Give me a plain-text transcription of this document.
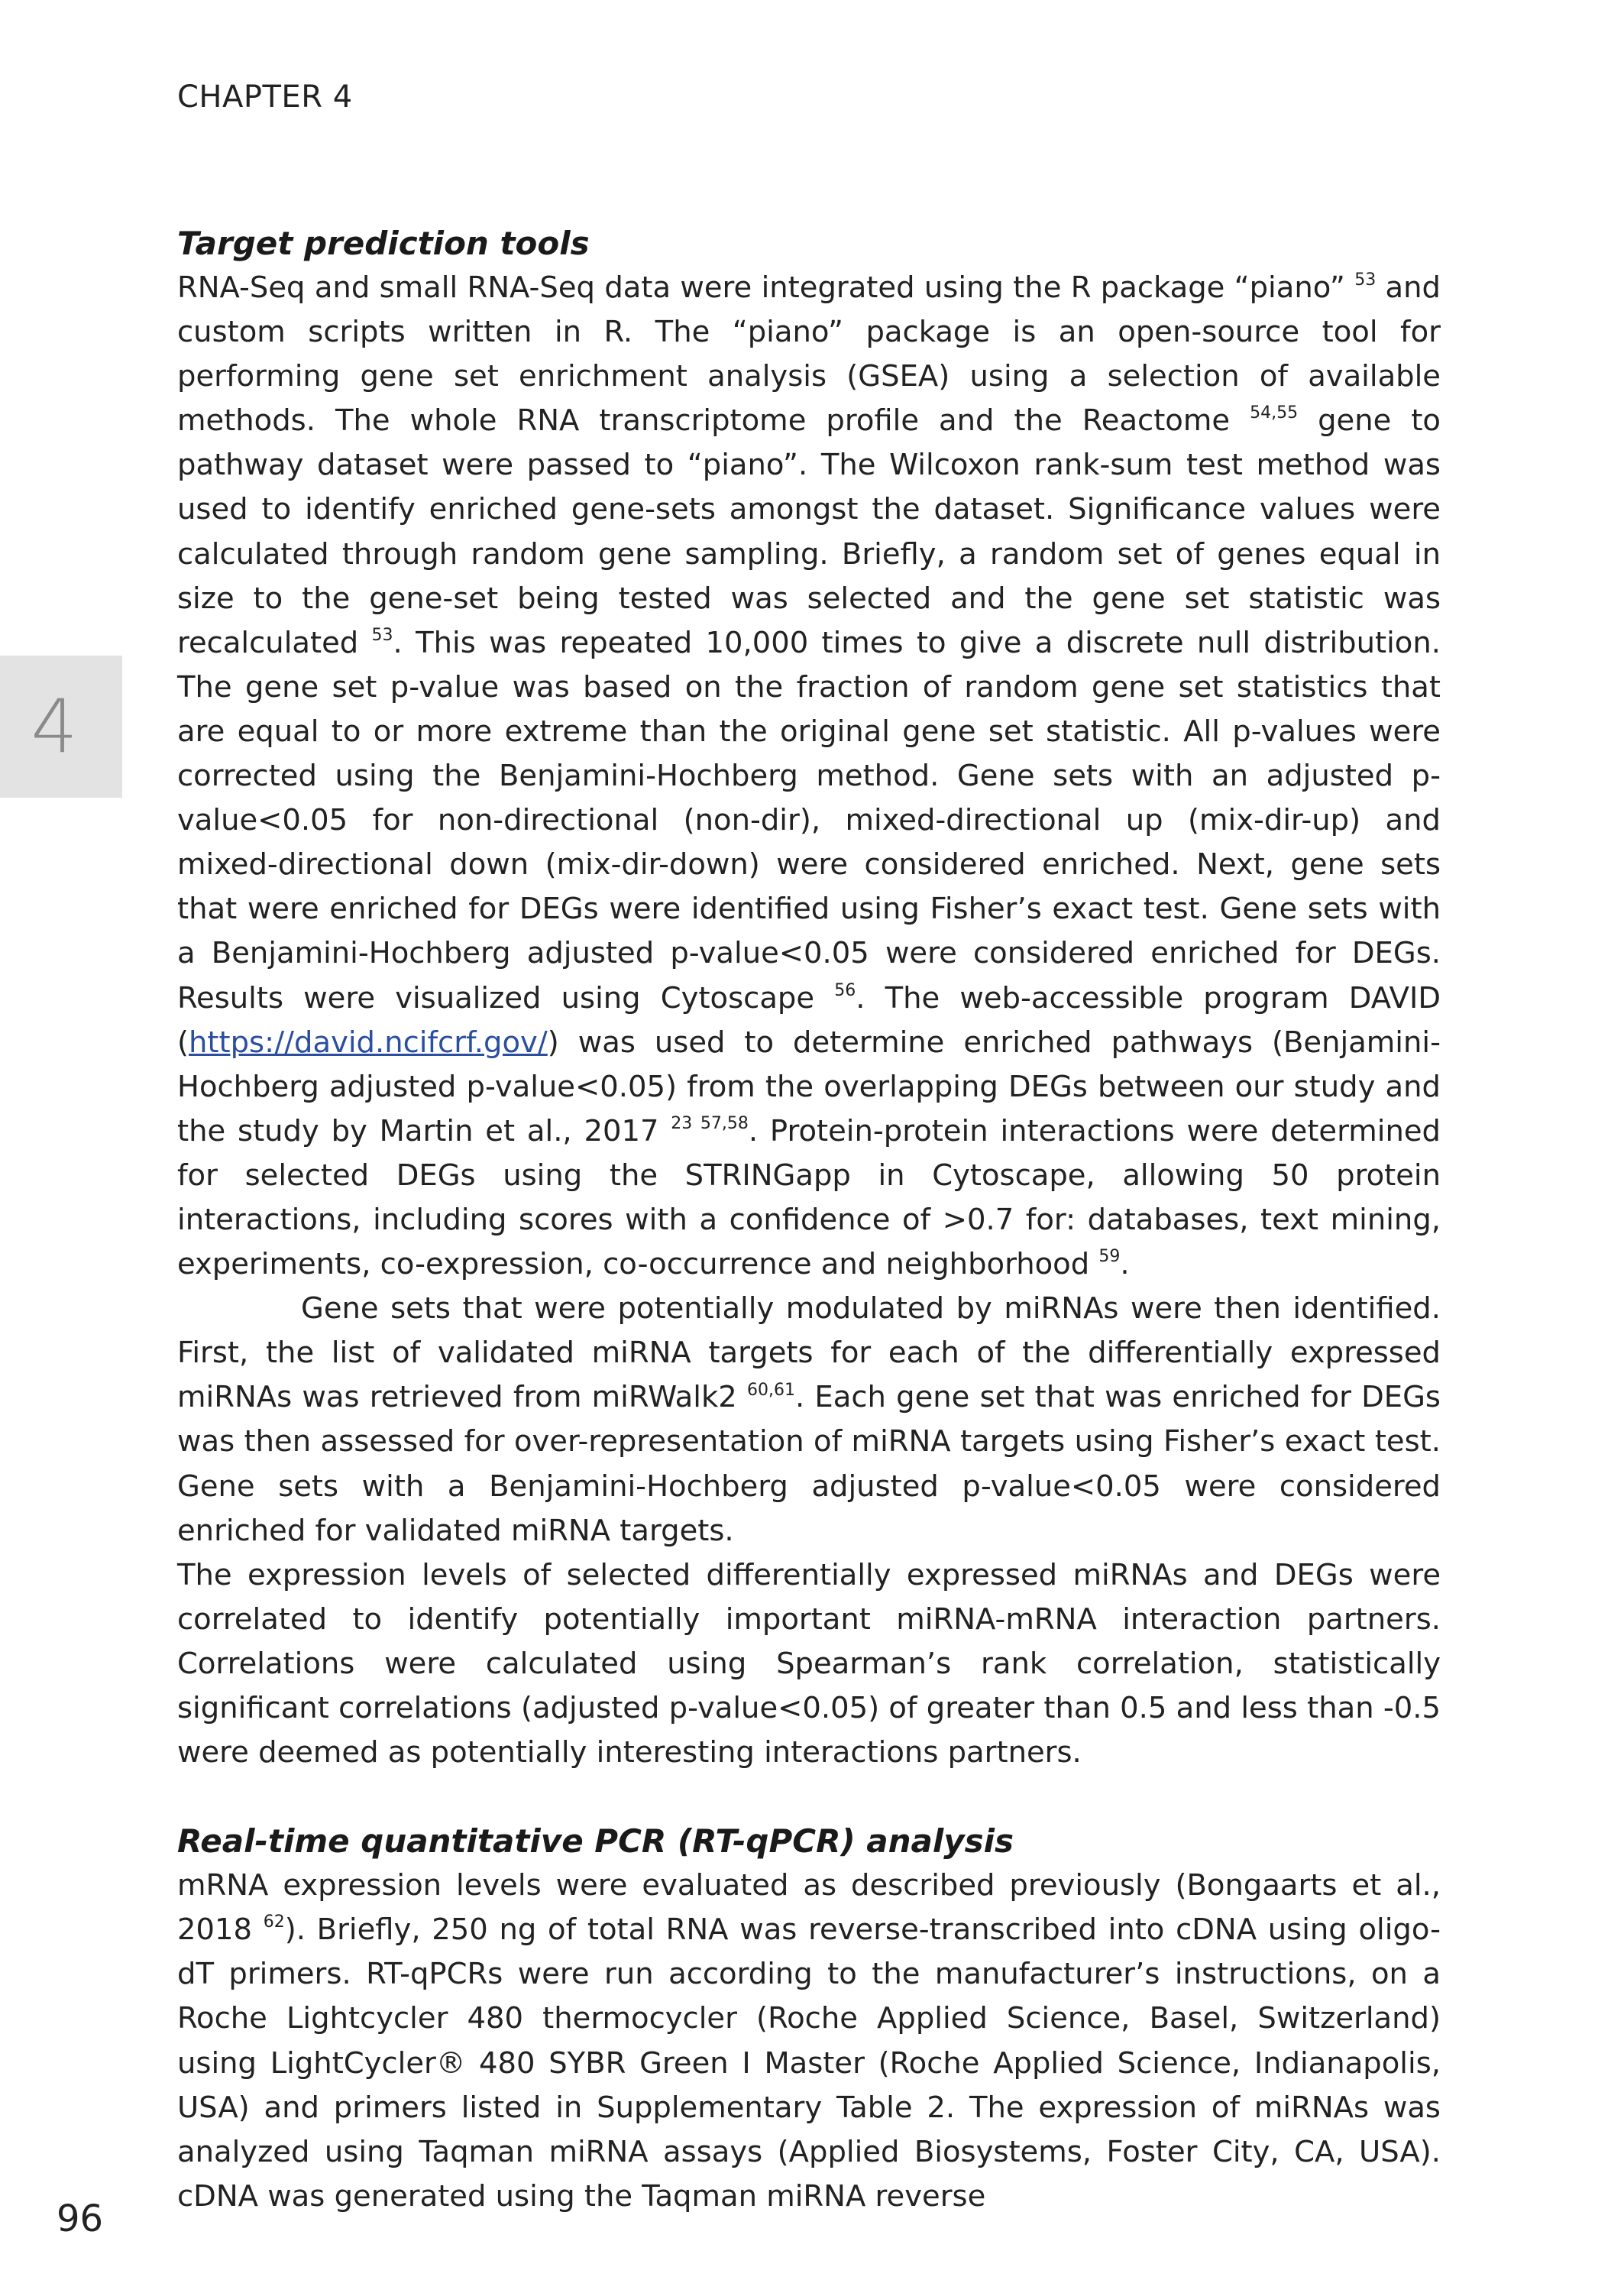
CHAPTER 4
4
Target prediction tools

RNA-Seq and small RNA-Seq data were integrated using the R package “piano” $^{53}$ and custom scripts written in R. The “piano” package is an open-source tool for performing gene set enrichment analysis (GSEA) using a selection of available methods. The whole RNA transcriptome profile and the Reactome $^{54,55}$ gene to pathway dataset were passed to “piano”. The Wilcoxon rank-sum test method was used to identify enriched gene-sets amongst the dataset. Significance values were calculated through random gene sampling. Briefly, a random set of genes equal in size to the gene-set being tested was selected and the gene set statistic was recalculated $^{53}$. This was repeated 10,000 times to give a discrete null distribution. The gene set p-value was based on the fraction of random gene set statistics that are equal to or more extreme than the original gene set statistic. All p-values were corrected using the Benjamini-Hochberg method. Gene sets with an adjusted p-value<0.05 for non-directional (non-dir), mixed-directional up (mix-dir-up) and mixed-directional down (mix-dir-down) were considered enriched. Next, gene sets that were enriched for DEGs were identified using Fisher’s exact test. Gene sets with a Benjamini-Hochberg adjusted p-value<0.05 were considered enriched for DEGs. Results were visualized using Cytoscape $^{56}$. The web-accessible program DAVID (https://david.ncifcrf.gov/) was used to determine enriched pathways (Benjamini-Hochberg adjusted p-value<0.05) from the overlapping DEGs between our study and the study by Martin et al., 2017 $^{23 57,58}$. Protein-protein interactions were determined for selected DEGs using the STRINGapp in Cytoscape, allowing 50 protein interactions, including scores with a confidence of >0.7 for: databases, text mining, experiments, co-expression, co-occurrence and neighborhood $^{59}$.

Gene sets that were potentially modulated by miRNAs were then identified. First, the list of validated miRNA targets for each of the differentially expressed miRNAs was retrieved from miRWalk2 $^{60,61}$. Each gene set that was enriched for DEGs was then assessed for over-representation of miRNA targets using Fisher’s exact test. Gene sets with a Benjamini-Hochberg adjusted p-value<0.05 were considered enriched for validated miRNA targets.

The expression levels of selected differentially expressed miRNAs and DEGs were correlated to identify potentially important miRNA-mRNA interaction partners. Correlations were calculated using Spearman’s rank correlation, statistically significant correlations (adjusted p-value<0.05) of greater than 0.5 and less than -0.5 were deemed as potentially interesting interactions partners.

Real-time quantitative PCR (RT-qPCR) analysis

mRNA expression levels were evaluated as described previously (Bongaarts et al., 2018 $^{62}$). Briefly, 250 ng of total RNA was reverse-transcribed into cDNA using oligo-dT primers. RT-qPCRs were run according to the manufacturer’s instructions, on a Roche Lightcycler 480 thermocycler (Roche Applied Science, Basel, Switzerland) using LightCycler® 480 SYBR Green I Master (Roche Applied Science, Indianapolis, USA) and primers listed in Supplementary Table 2. The expression of miRNAs was analyzed using Taqman miRNA assays (Applied Biosystems, Foster City, CA, USA). cDNA was generated using the Taqman miRNA reverse

96
